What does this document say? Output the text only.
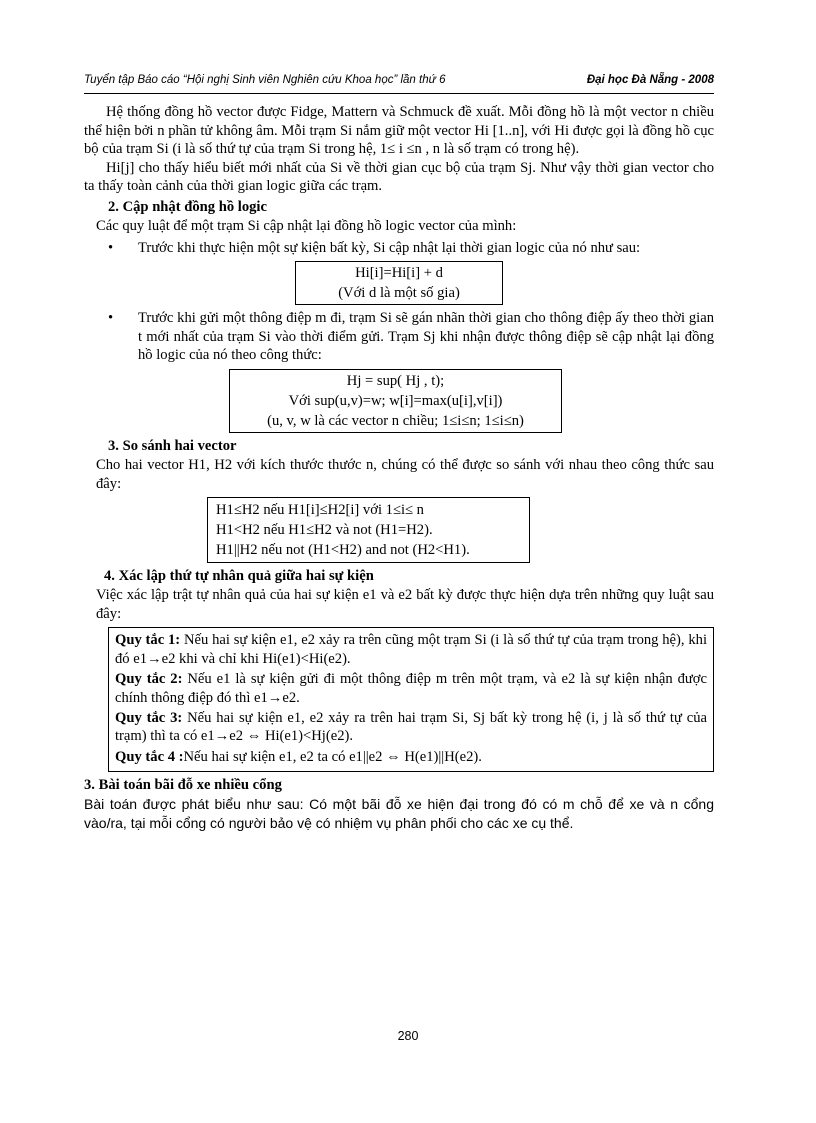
Tuyển tập Báo cáo “Hội nghị Sinh viên Nghiên cứu Khoa học” lần thứ 6	Đại học Đà Nẵng - 2008

Hệ thống đồng hồ vector được Fidge, Mattern và Schmuck đề xuất. Mỗi đồng hồ là một vector n chiều thể hiện bởi n phần tử không âm. Mỗi trạm Si nắm giữ một vector Hi [1..n], với Hi được gọi là đồng hồ cục bộ của trạm Si (i là số thứ tự của trạm Si trong hệ, 1≤ i ≤n , n là số trạm có trong hệ).

Hi[j] cho thấy hiểu biết mới nhất của Si về thời gian cục bộ của trạm Sj. Như vậy thời gian vector cho ta thấy toàn cảnh của thời gian logic giữa các trạm.

2. Cập nhật đồng hồ logic

Các quy luật để một trạm Si cập nhật lại đồng hồ logic vector của mình:

•	Trước khi thực hiện một sự kiện bất kỳ, Si cập nhật lại thời gian logic của nó như sau:
Hi[i]=Hi[i] + d
(Với d là một số gia)
•	Trước khi gửi một thông điệp m đi, trạm Si sẽ gán nhãn thời gian cho thông điệp ấy theo thời gian t mới nhất của trạm Si vào thời điểm gửi. Trạm Sj khi nhận được thông điệp sẽ cập nhật lại đồng hồ logic của nó theo công thức:
Hj = sup( Hj , t);
Với sup(u,v)=w; w[i]=max(u[i],v[i])
(u, v, w là các vector n chiều; 1≤i≤n; 1≤i≤n)
3. So sánh hai vector

Cho hai vector H1, H2 với kích thước thước n, chúng có thể được so sánh với nhau theo công thức sau đây:

H1≤H2 nếu H1[i]≤H2[i] với 1≤i≤ n
H1<H2 nếu H1≤H2 và not (H1=H2).
H1||H2 nếu not (H1<H2) and not (H2<H1).
4. Xác lập thứ tự nhân quả giữa hai sự kiện

Việc xác lập trật tự nhân quả của hai sự kiện e1 và e2 bất kỳ được thực hiện dựa trên những quy luật sau đây:

Quy tắc 1: Nếu hai sự kiện e1, e2 xảy ra trên cũng một trạm Si (i là số thứ tự của trạm trong hệ), khi đó e1→e2 khi và chỉ khi Hi(e1)<Hi(e2).

Quy tắc 2: Nếu e1 là sự kiện gửi đi một thông điệp m trên một trạm, và e2 là sự kiện nhận được chính thông điệp đó thì e1→e2.

Quy tắc 3: Nếu hai sự kiện e1, e2 xảy ra trên hai trạm Si, Sj bất kỳ trong hệ (i, j là số thứ tự của trạm) thì ta có e1→e2 ⇔ Hi(e1)<Hj(e2).

Quy tắc 4 :Nếu hai sự kiện e1, e2 ta có e1||e2 ⇔ H(e1)||H(e2).

3. Bài toán bãi đỗ xe nhiều cổng

Bài toán được phát biểu như sau: Có một bãi đỗ xe hiện đại trong đó có m chỗ để xe và n cổng vào/ra, tại mỗi cổng có người bảo vệ có nhiệm vụ phân phối cho các xe cụ thể.

280
